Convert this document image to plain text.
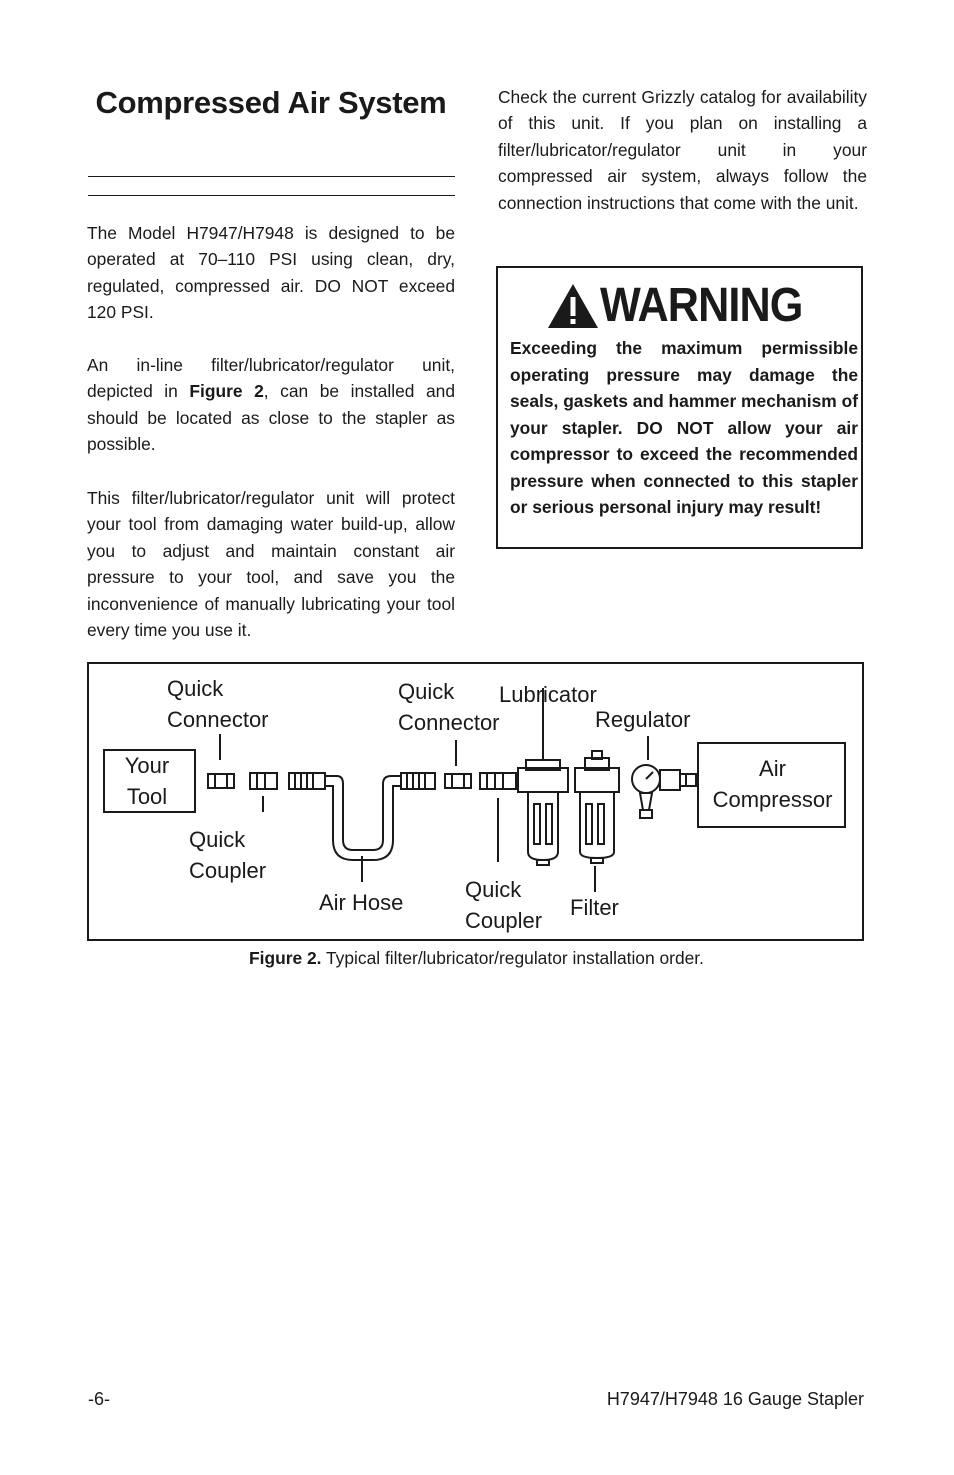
Compressed Air System
The Model H7947/H7948 is designed to be operated at 70–110 PSI using clean, dry, regulated, compressed air. DO NOT exceed 120 PSI.
An in-line filter/lubricator/regulator unit, depicted in Figure 2, can be installed and should be located as close to the stapler as possible.
This filter/lubricator/regulator unit will protect your tool from damaging water build-up, allow you to adjust and maintain constant air pressure to your tool, and save you the inconvenience of manually lubricating your tool every time you use it.
Check the current Grizzly catalog for availability of this unit. If you plan on installing a filter/lubricator/regulator unit in your compressed air system, always follow the connection instructions that come with the unit.
WARNING
Exceeding the maximum permissible operating pressure may damage the seals, gaskets and hammer mechanism of your stapler. DO NOT allow your air compressor to exceed the recommended pressure when connected to this stapler or serious personal injury may result!
Quick
Connector
Your
Tool
Quick
Coupler
Air Hose
Quick
Connector
Lubricator
Regulator
Quick
Coupler
Filter
Air
Compressor
Figure 2. Typical filter/lubricator/regulator installation order.
-6-	H7947/H7948 16 Gauge Stapler
